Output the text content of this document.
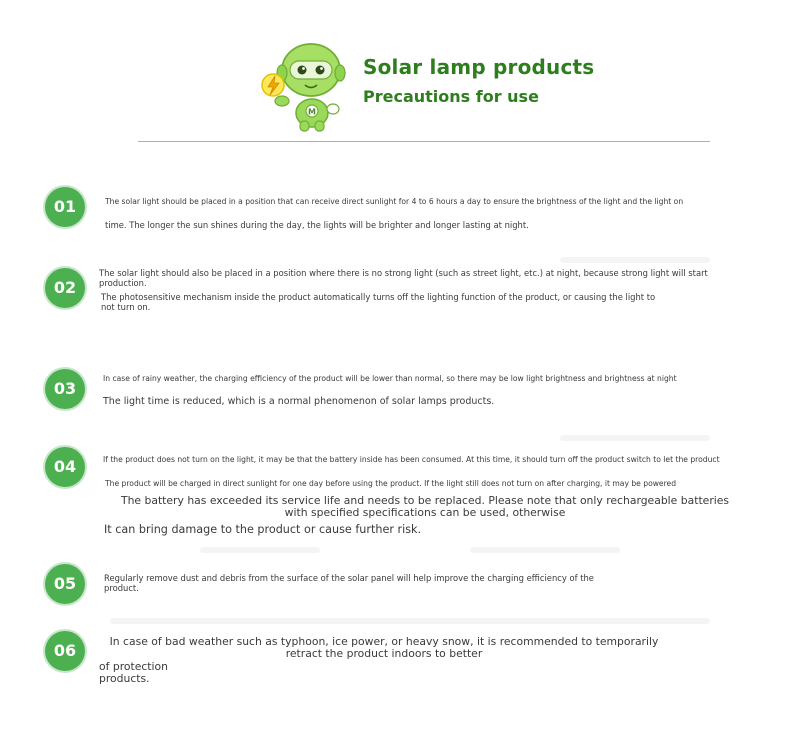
M
Solar lamp products
Precautions for use
01	The solar light should be placed in a position that can receive direct sunlight for 4 to 6 hours a day to ensure the brightness of the light and the light on
time. The longer the sun shines during the day, the lights will be brighter and longer lasting at night.
02
The solar light should also be placed in a position where there is no strong light (such as street light, etc.) at night, because strong light will start production.
The photosensitive mechanism inside the product automatically turns off the lighting function of the product, or causing the light to not turn on.
03
In case of rainy weather, the charging efficiency of the product will be lower than normal, so there may be low light brightness and brightness at night
The light time is reduced, which is a normal phenomenon of solar lamps products.
04	If the product does not turn on the light, it may be that the battery inside has been consumed. At this time, it should turn off the product switch to let the product
The product will be charged in direct sunlight for one day before using the product. If the light still does not turn on after charging, it may be powered
The battery has exceeded its service life and needs to be replaced. Please note that only rechargeable batteries with specified specifications can be used, otherwise
It can bring damage to the product or cause further risk.
05	Regularly remove dust and debris from the surface of the solar panel will help improve the charging efficiency of the product.
06	In case of bad weather such as typhoon, ice power, or heavy snow, it is recommended to temporarily retract the product indoors to better
of protection products.
